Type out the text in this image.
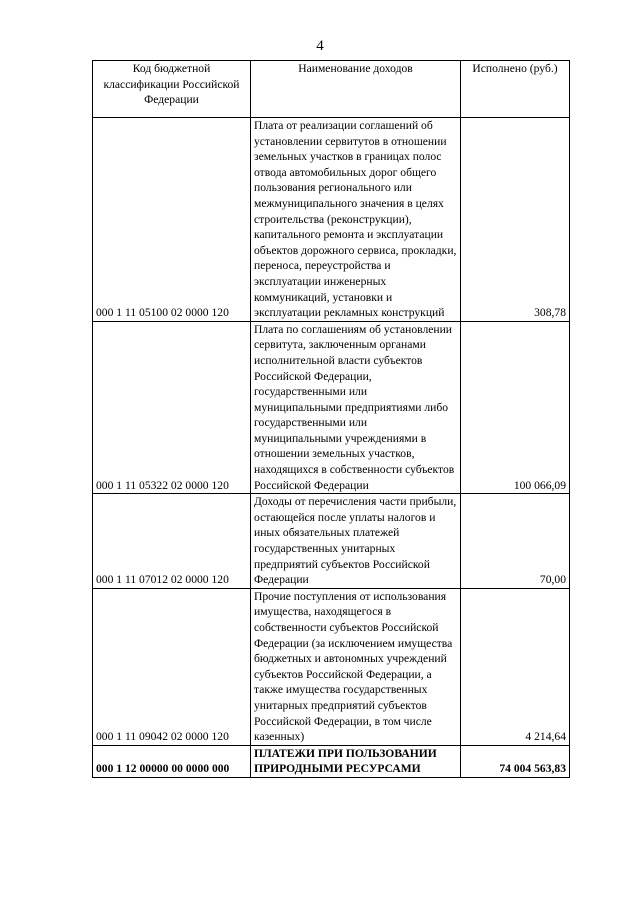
4
Код бюджетной классификации Российской Федерации	Наименование доходов	Исполнено (руб.)
000 1 11 05100 02 0000 120	Плата от реализации соглашений об установлении сервитутов в отношении земельных участков в границах полос отвода автомобильных дорог общего пользования регионального или межмуниципального значения в целях строительства (реконструкции), капитального ремонта и эксплуатации объектов дорожного сервиса, прокладки, переноса, переустройства и эксплуатации инженерных коммуникаций, установки и эксплуатации рекламных конструкций	308,78
000 1 11 05322 02 0000 120	Плата по соглашениям об установлении сервитута, заключенным органами исполнительной власти субъектов Российской Федерации, государственными или муниципальными предприятиями либо государственными или муниципальными учреждениями в отношении земельных участков, находящихся в собственности субъектов Российской Федерации	100 066,09
000 1 11 07012 02 0000 120	Доходы от перечисления части прибыли, остающейся после уплаты налогов и иных обязательных платежей государственных унитарных предприятий субъектов Российской Федерации	70,00
000 1 11 09042 02 0000 120	Прочие поступления от использования имущества, находящегося в собственности субъектов Российской Федерации (за исключением имущества бюджетных и автономных учреждений субъектов Российской Федерации, а также имущества государственных унитарных предприятий субъектов Российской Федерации, в том числе казенных)	4 214,64
000 1 12 00000 00 0000 000	ПЛАТЕЖИ ПРИ ПОЛЬЗОВАНИИ ПРИРОДНЫМИ РЕСУРСАМИ	74 004 563,83
